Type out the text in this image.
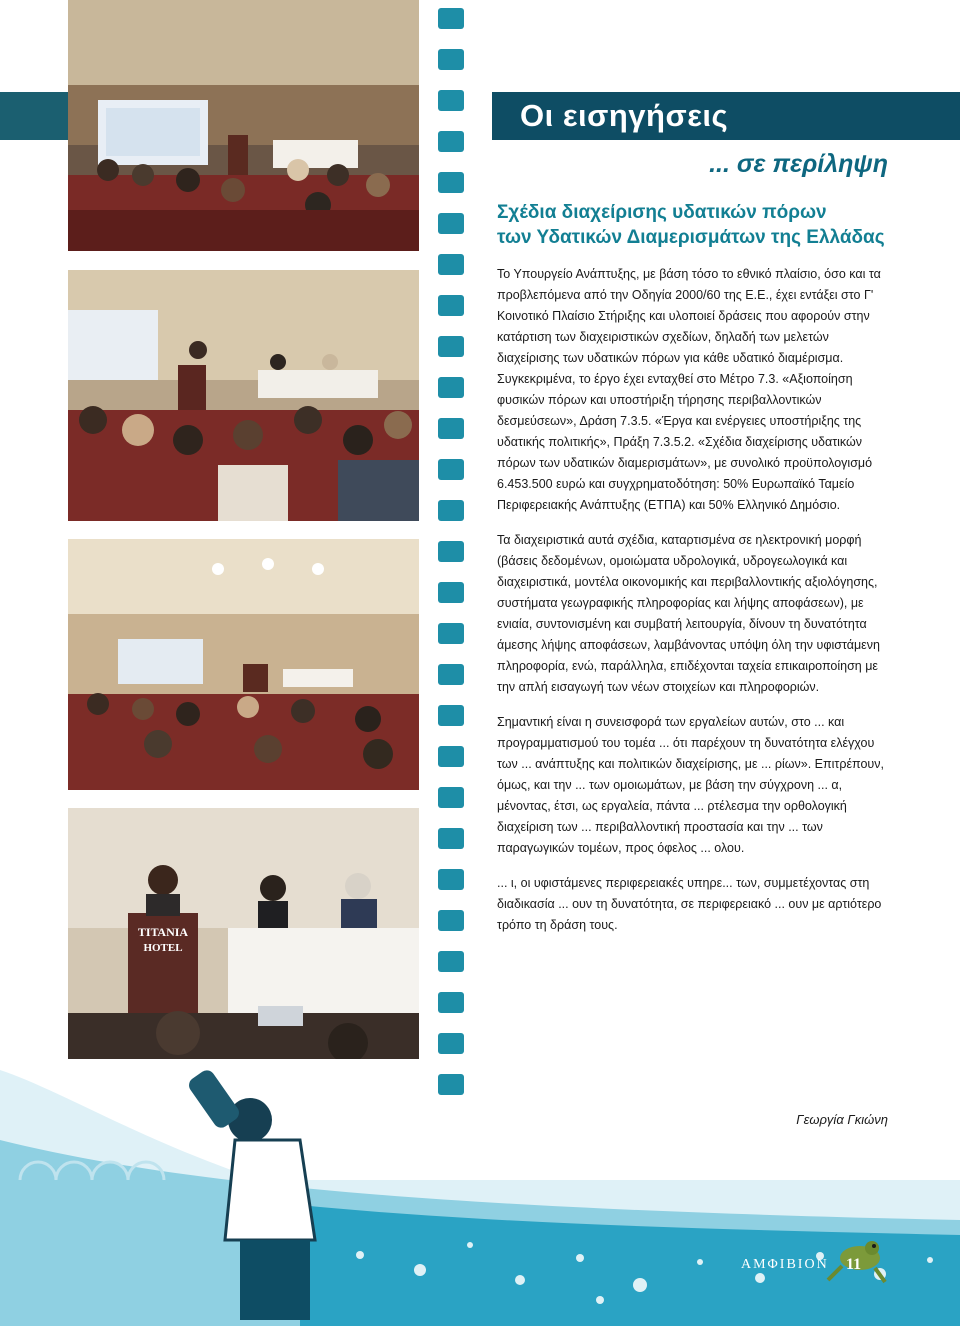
ΤΙΤΑΝΙΑ
HOTEL
Οι εισηγήσεις
... σε περίληψη
Σχέδια διαχείρισης υδατικών πόρων
των Υδατικών Διαμερισμάτων της Ελλάδας

Το Υπουργείο Ανάπτυξης, με βάση τόσο το εθνικό πλαίσιο, όσο και τα προβλεπόμενα από την Οδηγία 2000/60 της Ε.Ε., έχει εντάξει στο Γ' Κοινοτικό Πλαίσιο Στήριξης και υλοποιεί δράσεις που αφορούν στην κατάρτιση των διαχειριστικών σχεδίων, δηλαδή των μελετών διαχείρισης των υδατικών πόρων για κάθε υδατικό διαμέρισμα. Συγκεκριμένα, το έργο έχει ενταχθεί στο Μέτρο 7.3. «Αξιοποίηση φυσικών πόρων και υποστήριξη τήρησης περιβαλλοντικών δεσμεύσεων», Δράση 7.3.5. «Έργα και ενέργειες υποστήριξης της υδατικής πολιτικής», Πράξη 7.3.5.2. «Σχέδια διαχείρισης υδατικών πόρων των υδατικών διαμερισμάτων», με συνολικό προϋπολογισμό 6.453.500 ευρώ και συγχρηματοδότηση: 50% Ευρωπαϊκό Ταμείο Περιφερειακής Ανάπτυξης (ΕΤΠΑ) και 50% Ελληνικό Δημόσιο.

Τα διαχειριστικά αυτά σχέδια, καταρτισμένα σε ηλεκτρονική μορφή (βάσεις δεδομένων, ομοιώματα υδρολογικά, υδρογεωλογικά και διαχειριστικά, μοντέλα οικονομικής και περιβαλλοντικής αξιολόγησης, συστήματα γεωγραφικής πληροφορίας και λήψης αποφάσεων), με ενιαία, συντονισμένη και συμβατή λειτουργία, δίνουν τη δυνατότητα άμεσης λήψης αποφάσεων, λαμβάνοντας υπόψη όλη την υφιστάμενη πληροφορία, ενώ, παράλληλα, επιδέχονται ταχεία επικαιροποίηση με την απλή εισαγωγή των νέων στοιχείων και πληροφοριών.

Σημαντική είναι η συνεισφορά των εργαλείων αυτών, στο ... και προγραμματισμού του τομέα ... ότι παρέχουν τη δυνατότητα ελέγχου των ... ανάπτυξης και πολιτικών διαχείρισης, με ... ρίων». Επιτρέπουν, όμως, και την ... των ομοιωμάτων, με βάση την σύγχρονη ... α, μένοντας, έτσι, ως εργαλεία, πάντα ... ρτέλεσμα την ορθολογική διαχείριση των ... περιβαλλοντική προστασία και την ... των παραγωγικών τομέων, προς όφελος ... ολου.

... ι, οι υφιστάμενες περιφερειακές υπηρε... των, συμμετέχοντας στη διαδικασία ... ουν τη δυνατότητα, σε περιφερειακό ... ουν με αρτιότερο τρόπο τη δράση τους.

Γεωργία Γκιώνη
ΑΜΦΙΒΙΟΝ 11
